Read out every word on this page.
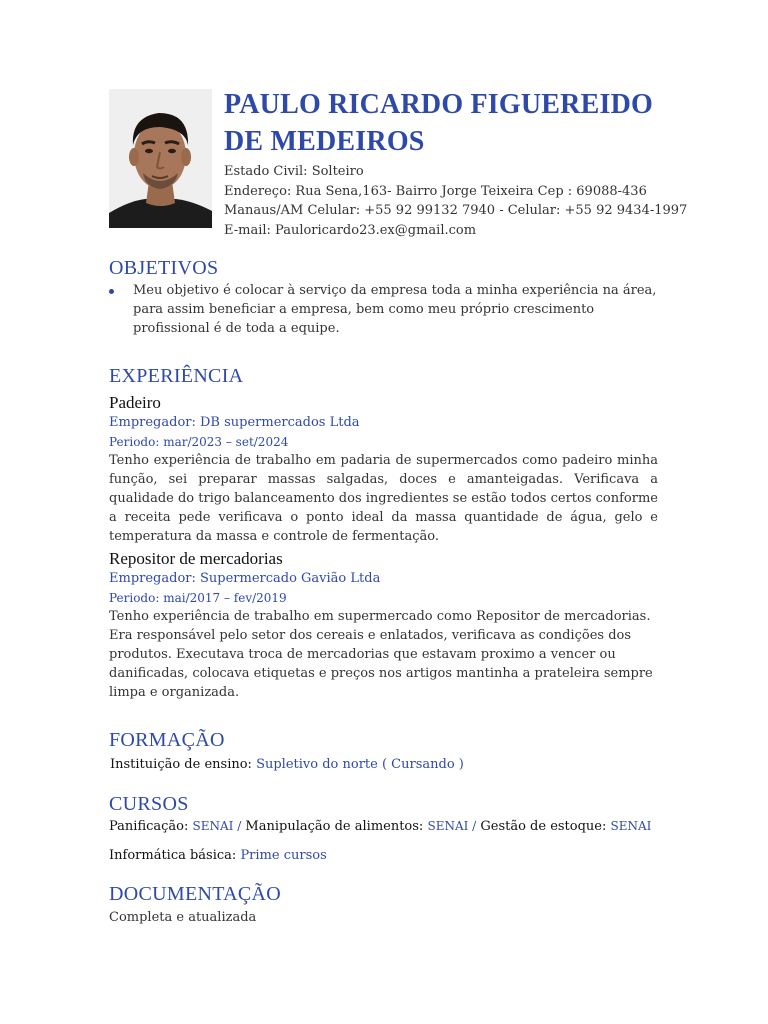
PAULO RICARDO FIGUEREIDO DE MEDEIROS
Estado Civil: Solteiro
Endereço: Rua Sena,163- Bairro Jorge Teixeira Cep : 69088-436
Manaus/AM Celular: +55 92 99132 7940 - Celular: +55 92 9434-1997
E-mail: Pauloricardo23.ex@gmail.com
OBJETIVOS
Meu objetivo é colocar à serviço da empresa toda a minha experiência na área, para assim beneficiar a empresa, bem como meu próprio crescimento profissional é de toda a equipe.
EXPERIÊNCIA
Padeiro
Empregador: DB supermercados Ltda
Periodo: mar/2023 – set/2024
Tenho experiência de trabalho em padaria de supermercados como padeiro minha função, sei preparar massas salgadas, doces e amanteigadas. Verificava a qualidade do trigo balanceamento dos ingredientes se estão todos certos conforme a receita pede verificava o ponto ideal da massa quantidade de água, gelo e temperatura da massa e controle de fermentação.
Repositor de mercadorias
Empregador: Supermercado Gavião Ltda
Periodo: mai/2017 – fev/2019
Tenho experiência de trabalho em supermercado como Repositor de mercadorias. Era responsável pelo setor dos cereais e enlatados, verificava as condições dos produtos. Executava troca de mercadorias que estavam proximo a vencer ou danificadas, colocava etiquetas e preços nos artigos mantinha a prateleira sempre limpa e organizada.
FORMAÇÃO
Instituição de ensino: Supletivo do norte ( Cursando )
CURSOS
Panificação: SENAI / Manipulação de alimentos: SENAI / Gestão de estoque: SENAI
Informática básica: Prime cursos
DOCUMENTAÇÃO
Completa e atualizada
